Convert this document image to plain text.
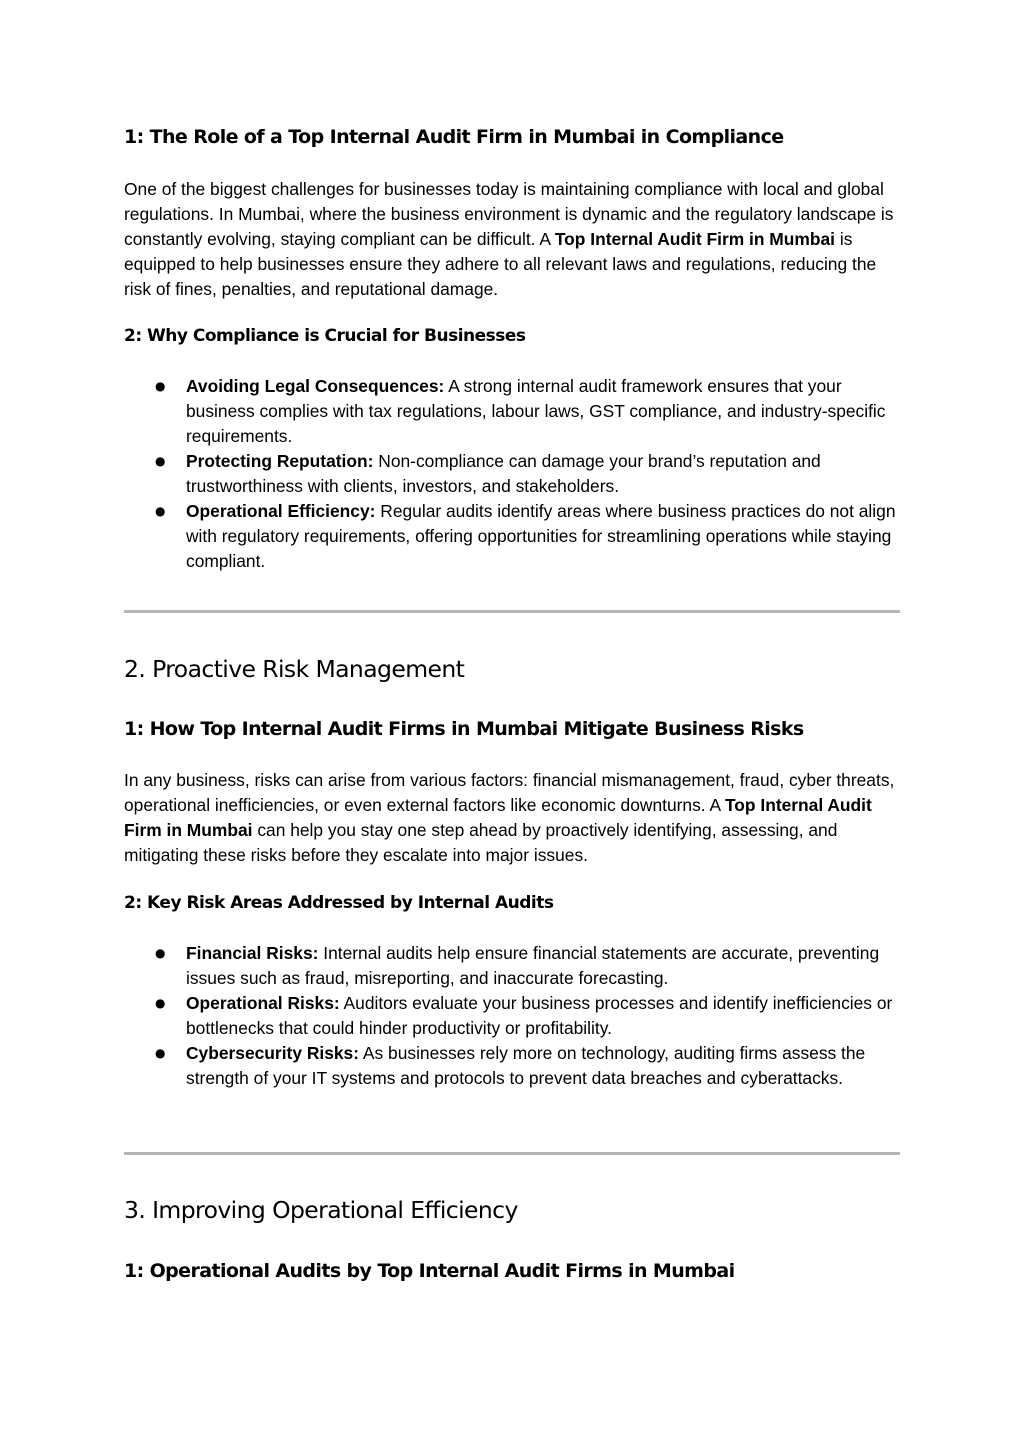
1: The Role of a Top Internal Audit Firm in Mumbai in Compliance

One of the biggest challenges for businesses today is maintaining compliance with local and global regulations. In Mumbai, where the business environment is dynamic and the regulatory landscape is constantly evolving, staying compliant can be difficult. A Top Internal Audit Firm in Mumbai is equipped to help businesses ensure they adhere to all relevant laws and regulations, reducing the risk of fines, penalties, and reputational damage.

2: Why Compliance is Crucial for Businesses
● Avoiding Legal Consequences: A strong internal audit framework ensures that your business complies with tax regulations, labour laws, GST compliance, and industry-specific requirements.
● Protecting Reputation: Non-compliance can damage your brand’s reputation and trustworthiness with clients, investors, and stakeholders.
● Operational Efficiency: Regular audits identify areas where business practices do not align with regulatory requirements, offering opportunities for streamlining operations while staying compliant.
2. Proactive Risk Management
1: How Top Internal Audit Firms in Mumbai Mitigate Business Risks

In any business, risks can arise from various factors: financial mismanagement, fraud, cyber threats, operational inefficiencies, or even external factors like economic downturns. A Top Internal Audit Firm in Mumbai can help you stay one step ahead by proactively identifying, assessing, and mitigating these risks before they escalate into major issues.

2: Key Risk Areas Addressed by Internal Audits
● Financial Risks: Internal audits help ensure financial statements are accurate, preventing issues such as fraud, misreporting, and inaccurate forecasting.
● Operational Risks: Auditors evaluate your business processes and identify inefficiencies or bottlenecks that could hinder productivity or profitability.
● Cybersecurity Risks: As businesses rely more on technology, auditing firms assess the strength of your IT systems and protocols to prevent data breaches and cyberattacks.
3. Improving Operational Efficiency
1: Operational Audits by Top Internal Audit Firms in Mumbai
